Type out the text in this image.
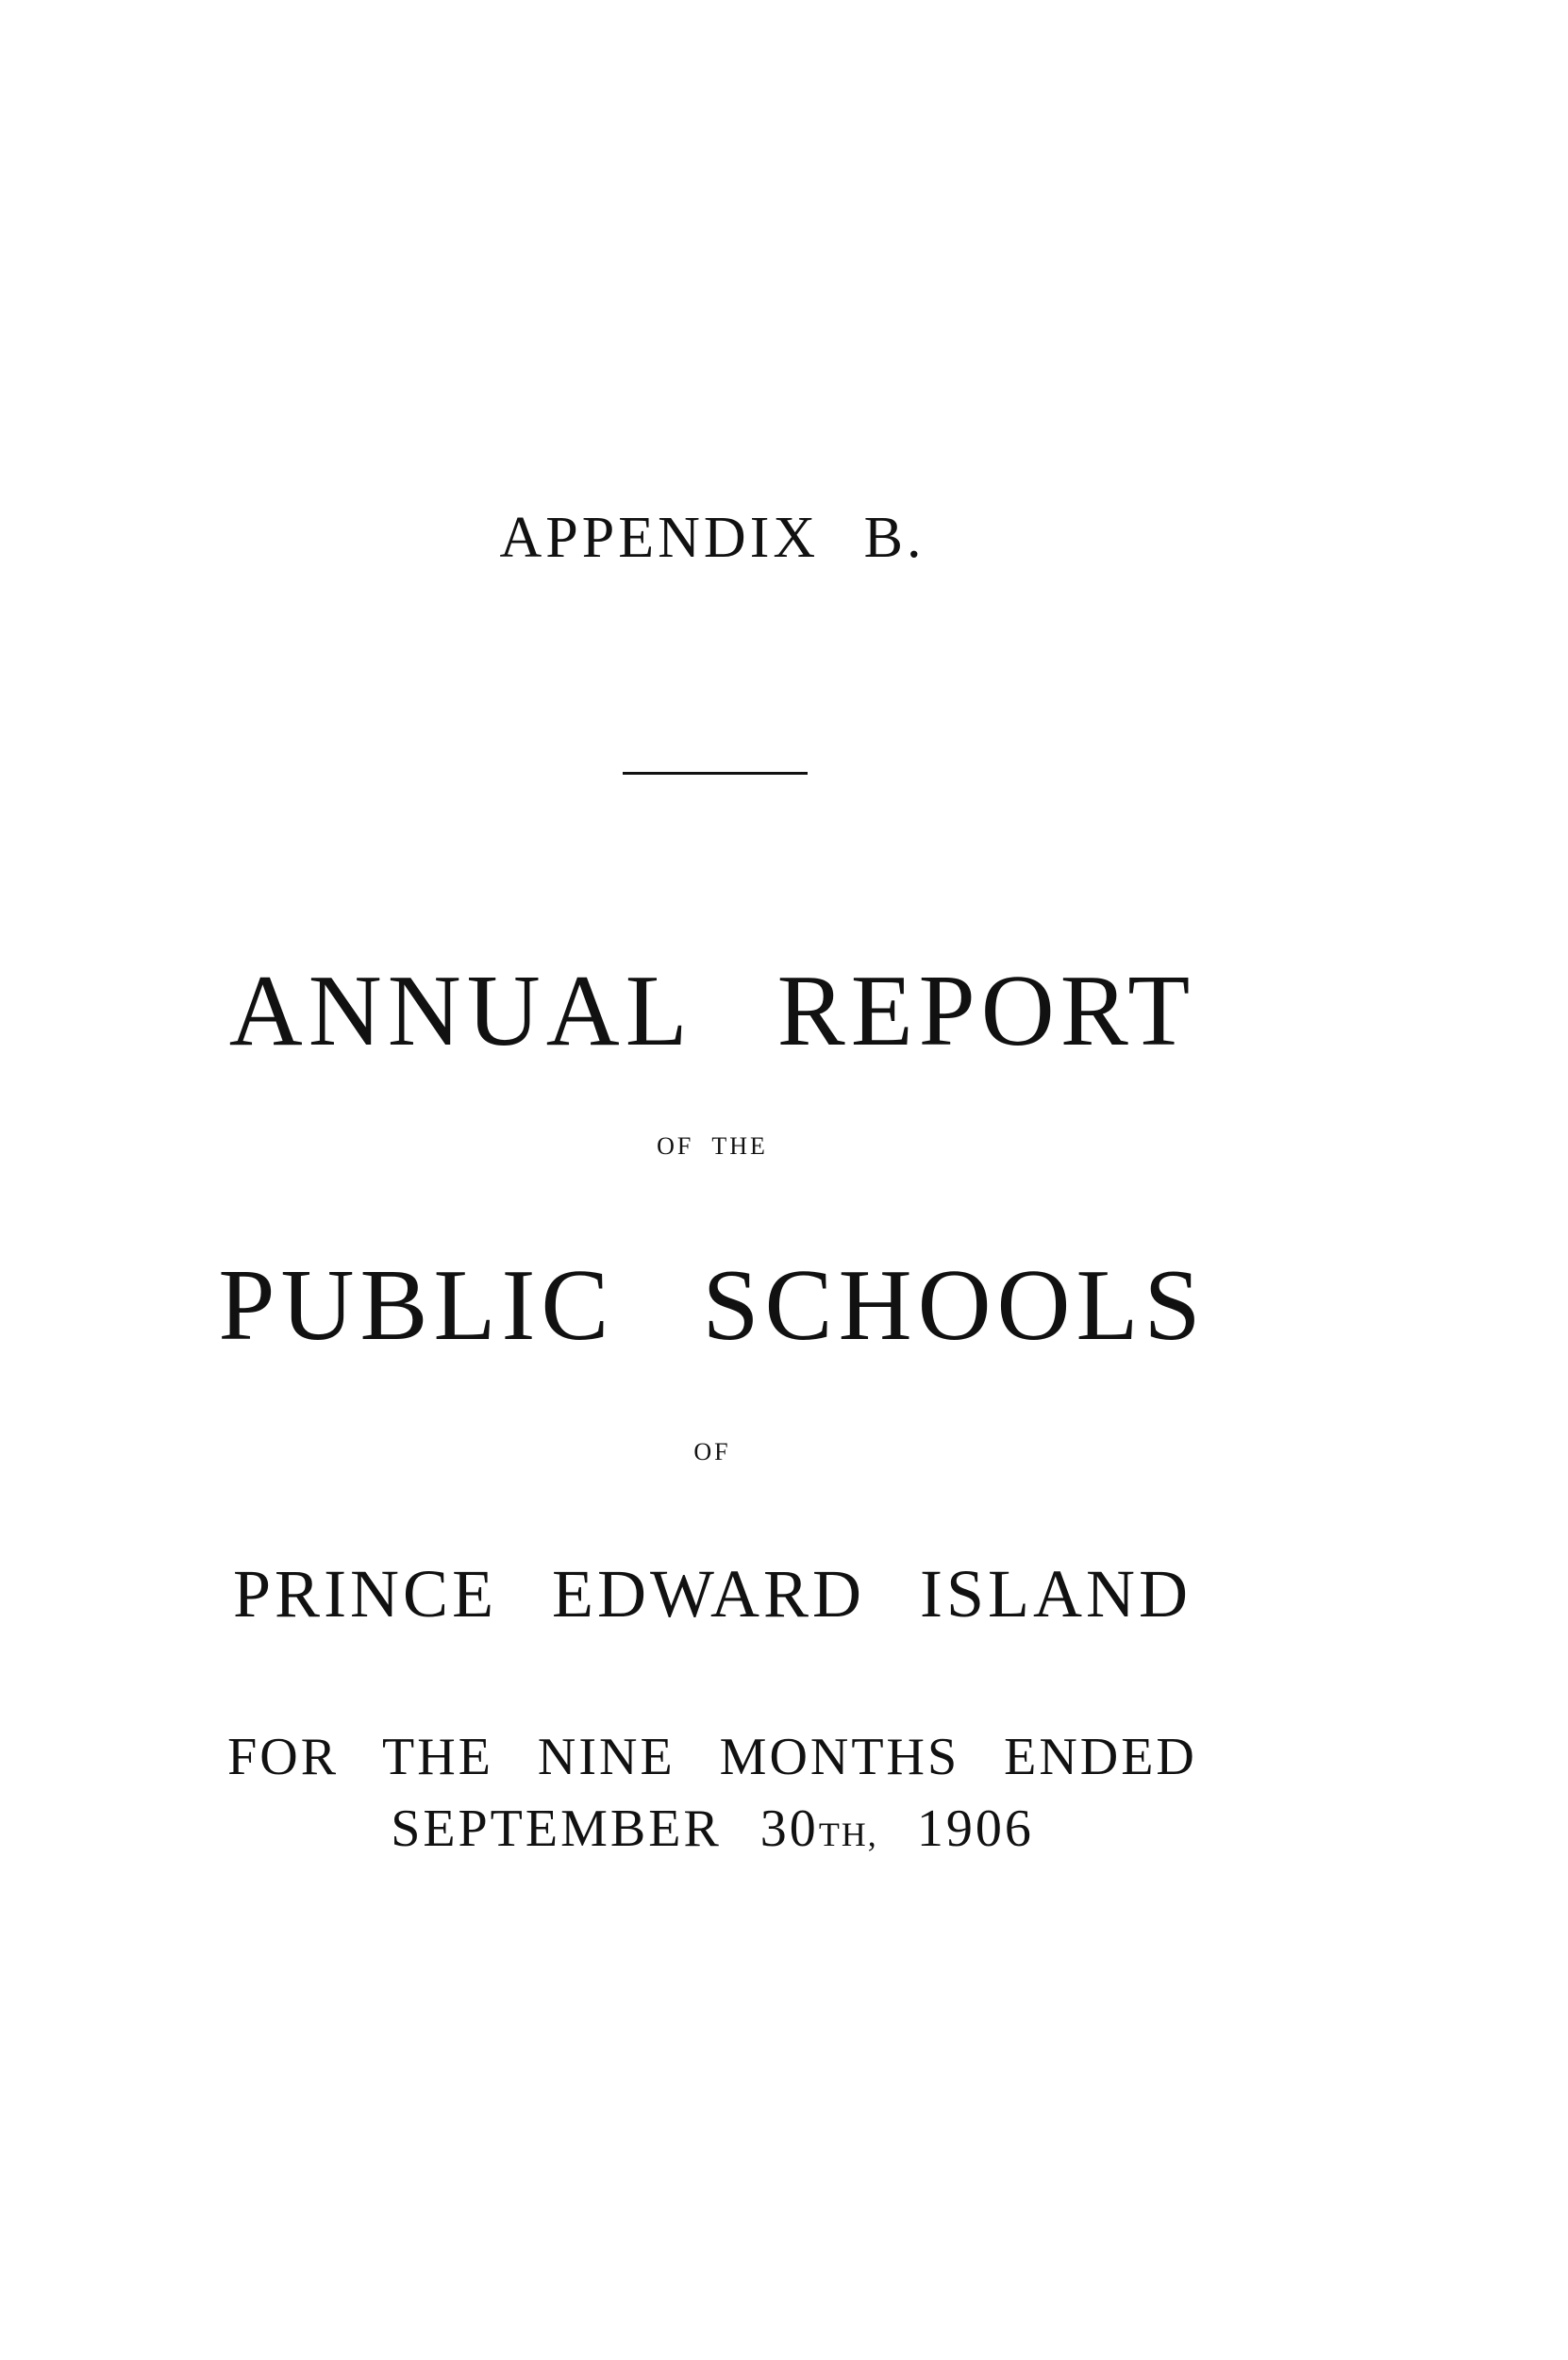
APPENDIX B.
ANNUAL REPORT
OF THE
PUBLIC SCHOOLS
OF
PRINCE EDWARD ISLAND
FOR THE NINE MONTHS ENDED
SEPTEMBER 30TH, 1906
